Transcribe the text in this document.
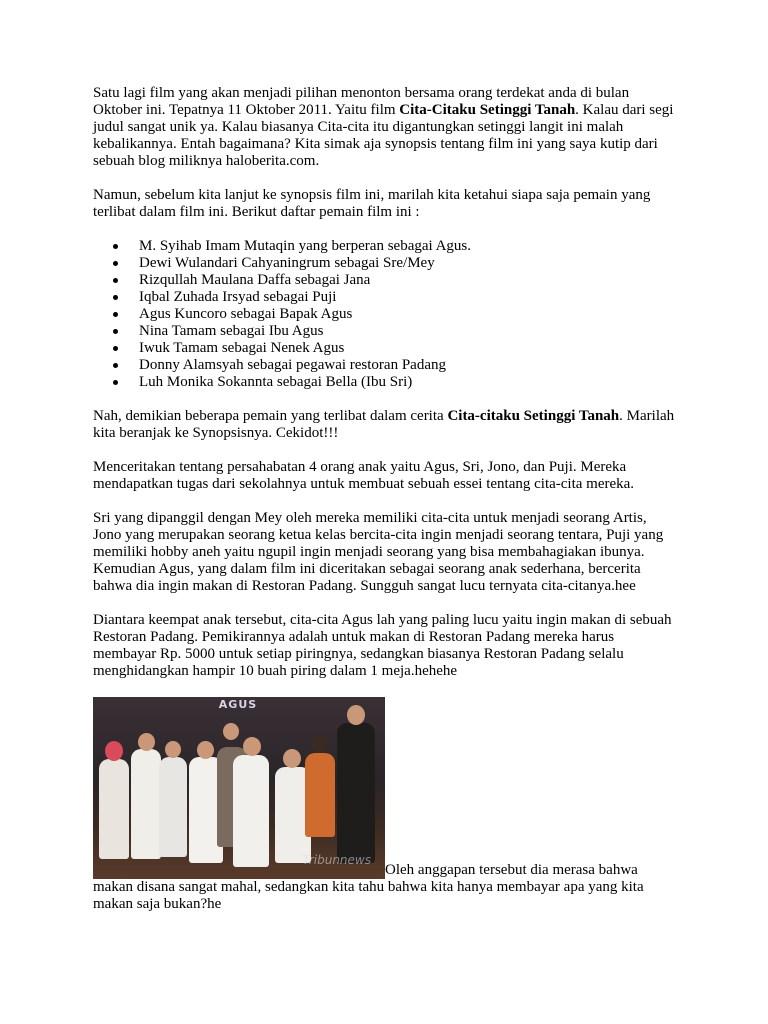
Satu lagi film yang akan menjadi pilihan menonton bersama orang terdekat anda di bulan Oktober ini. Tepatnya 11 Oktober 2011. Yaitu film Cita-Citaku Setinggi Tanah. Kalau dari segi judul sangat unik ya. Kalau biasanya Cita-cita itu digantungkan setinggi langit ini malah kebalikannya. Entah bagaimana? Kita simak aja synopsis tentang film ini yang saya kutip dari sebuah blog miliknya haloberita.com.

Namun, sebelum kita lanjut ke synopsis film ini, marilah kita ketahui siapa saja pemain yang terlibat dalam film ini. Berikut daftar pemain film ini :

M. Syihab Imam Mutaqin yang berperan sebagai Agus.
Dewi Wulandari Cahyaningrum sebagai Sre/Mey
Rizqullah Maulana Daffa sebagai Jana
Iqbal Zuhada Irsyad sebagai Puji
Agus Kuncoro sebagai Bapak Agus
Nina Tamam sebagai Ibu Agus
Iwuk Tamam sebagai Nenek Agus
Donny Alamsyah sebagai pegawai restoran Padang
Luh Monika Sokannta sebagai Bella (Ibu Sri)

Nah, demikian beberapa pemain yang terlibat dalam cerita Cita-citaku Setinggi Tanah. Marilah kita beranjak ke Synopsisnya. Cekidot!!!

Menceritakan tentang persahabatan 4 orang anak yaitu Agus, Sri, Jono, dan Puji. Mereka mendapatkan tugas dari sekolahnya untuk membuat sebuah essei tentang cita-cita mereka.

Sri yang dipanggil dengan Mey oleh mereka memiliki cita-cita untuk menjadi seorang Artis, Jono yang merupakan seorang ketua kelas bercita-cita ingin menjadi seorang tentara, Puji yang memiliki hobby aneh yaitu ngupil ingin menjadi seorang yang bisa membahagiakan ibunya. Kemudian Agus, yang dalam film ini diceritakan sebagai seorang anak sederhana, bercerita bahwa dia ingin makan di Restoran Padang. Sungguh sangat lucu ternyata cita-citanya.hee

Diantara keempat anak tersebut, cita-cita Agus lah yang paling lucu yaitu ingin makan di sebuah Restoran Padang. Pemikirannya adalah untuk makan di Restoran Padang mereka harus membayar Rp. 5000 untuk setiap piringnya, sedangkan biasanya Restoran Padang selalu menghidangkan hampir 10 buah piring dalam 1 meja.hehehe

AGUS
Tribunnews
Oleh anggapan tersebut dia merasa bahwa makan disana sangat mahal, sedangkan kita tahu bahwa kita hanya membayar apa yang kita makan saja bukan?he
